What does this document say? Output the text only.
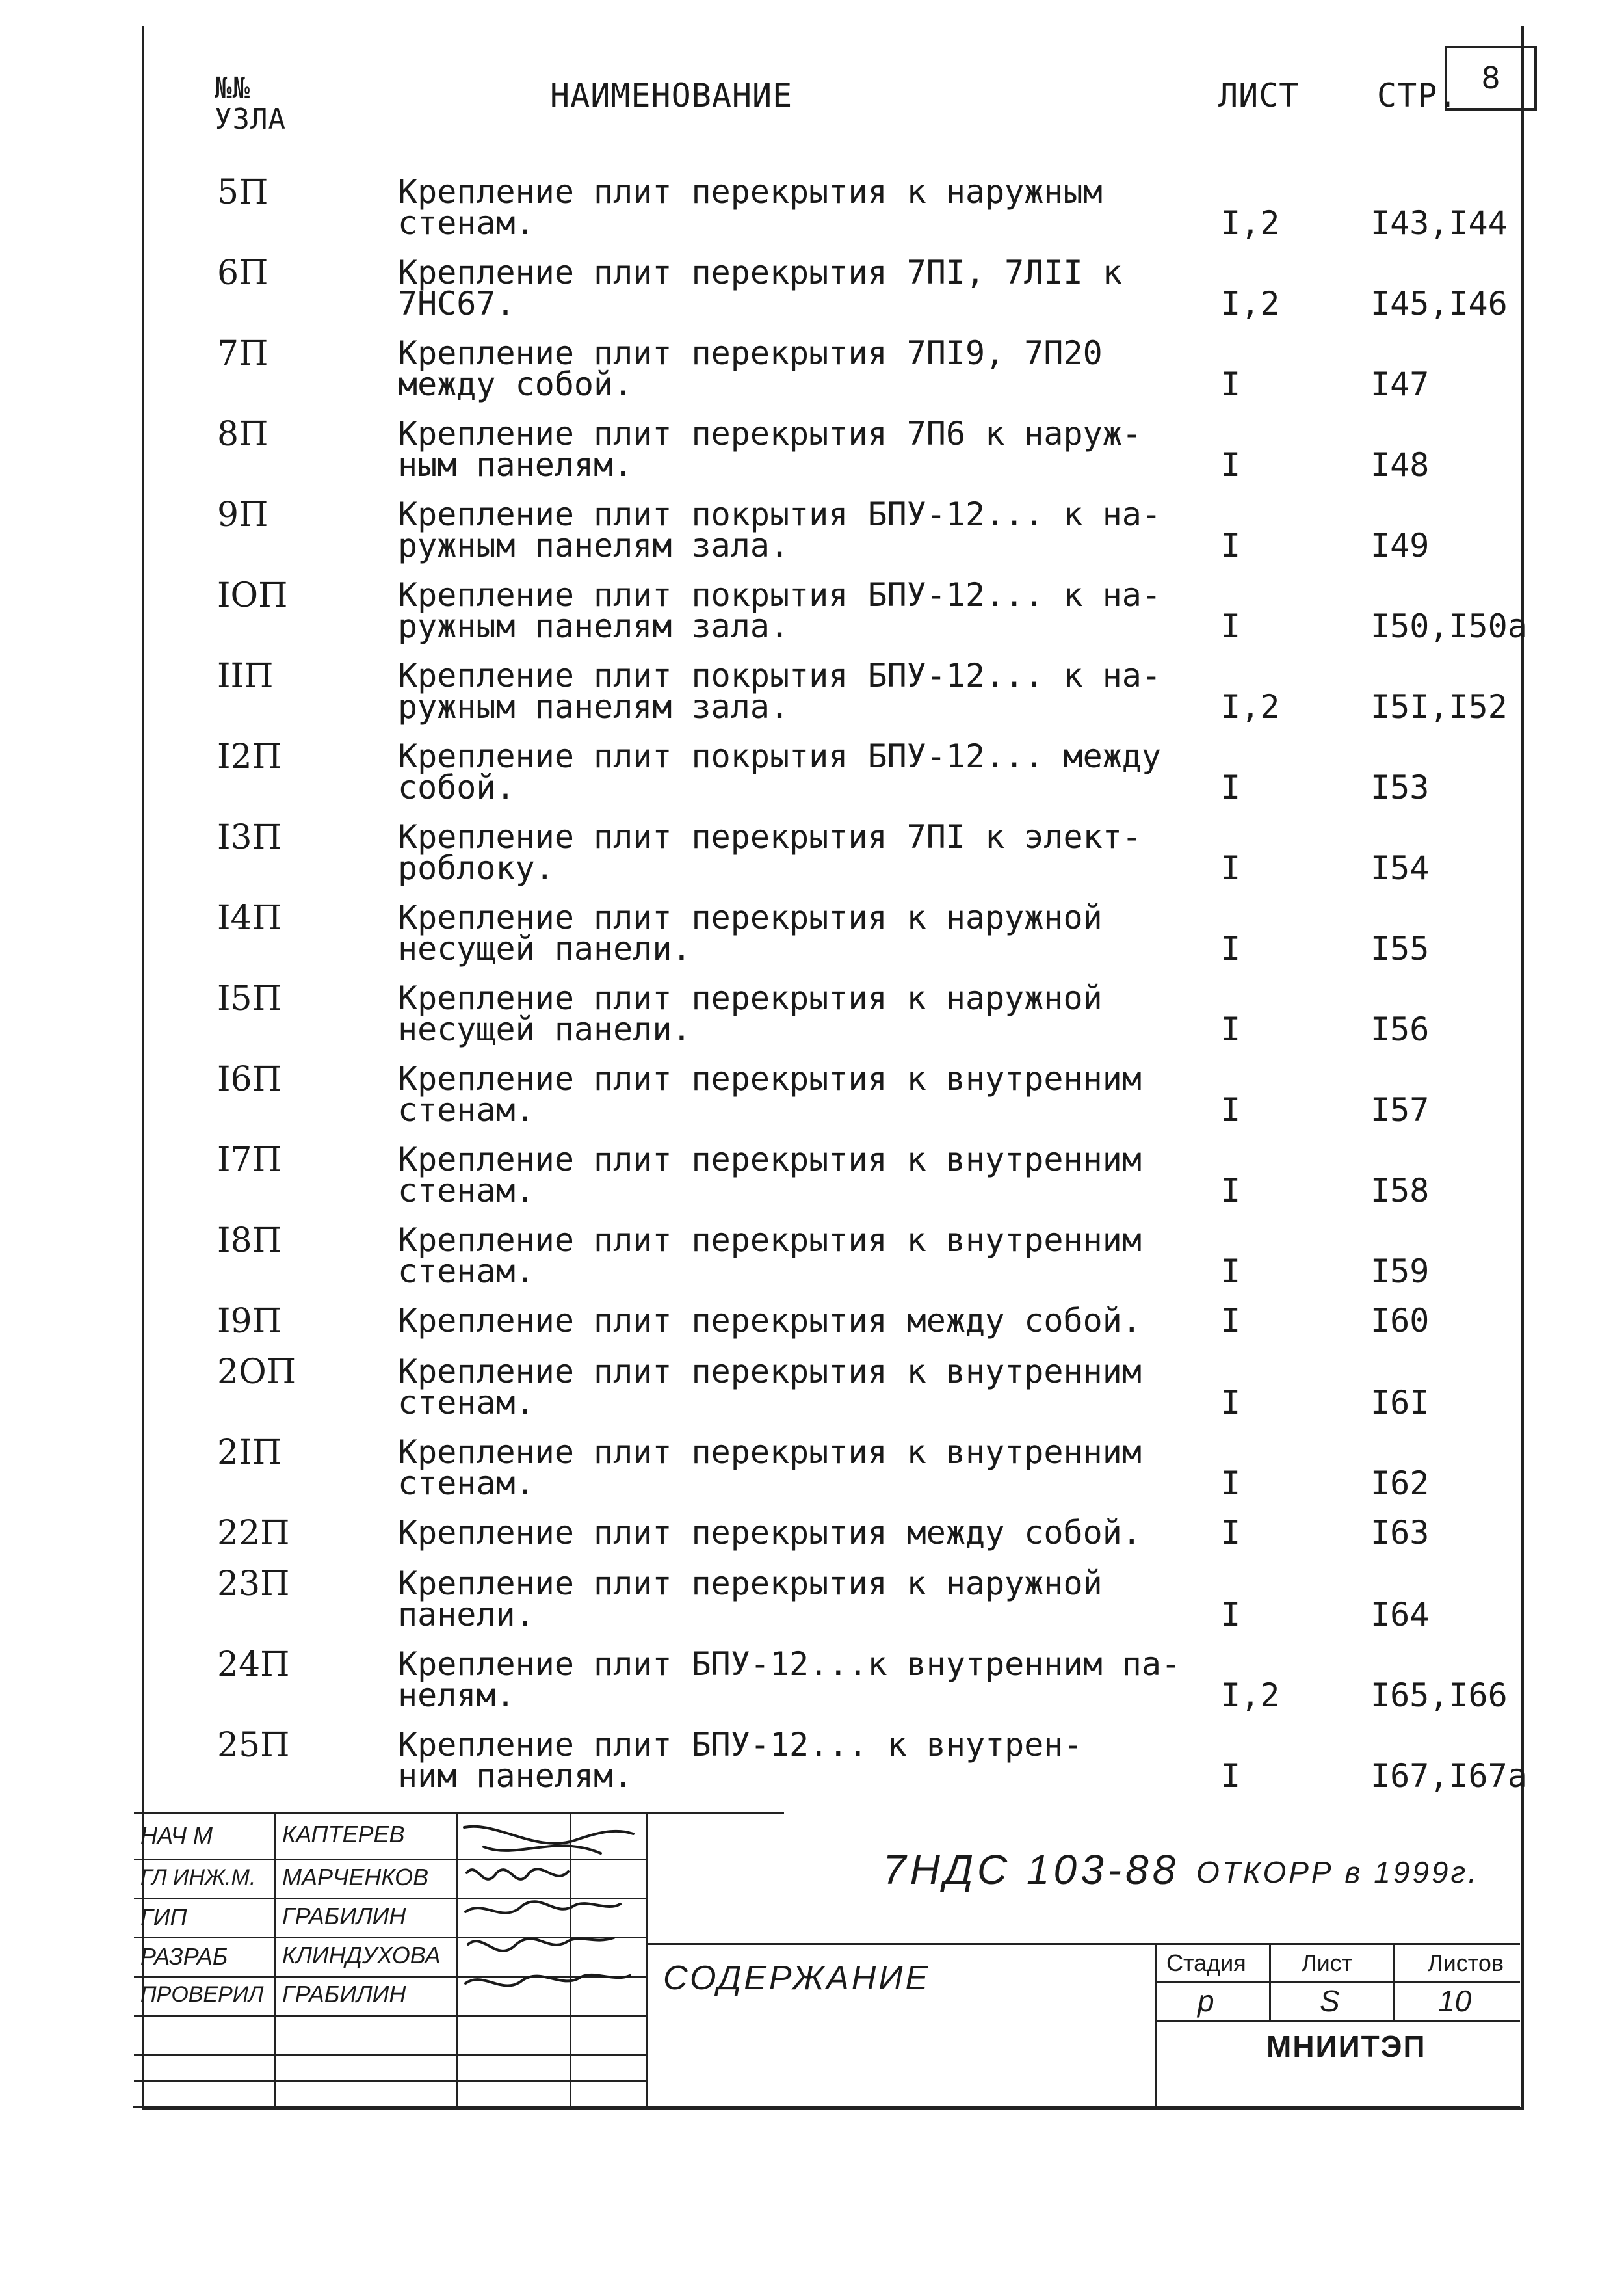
8
№№
УЗЛА
НАИМЕНОВАНИЕ	ЛИСТ СТР.
5П	Крепление плит перекрытия к наружным
стенам.	I,2	I43,I44
6П	Крепление плит перекрытия 7ПI, 7ЛII к
7НС67.	I,2	I45,I46
7П	Крепление плит перекрытия 7ПI9, 7П20
между собой.	I	I47
8П	Крепление плит перекрытия 7П6 к наруж-
ным панелям.	I	I48
9П	Крепление плит покрытия БПУ-12... к на-
ружным панелям зала.	I	I49
IOП	Крепление плит покрытия БПУ-12... к на-
ружным панелям зала.	I	I50,I50a
IIП	Крепление плит покрытия БПУ-12... к на-
ружным панелям зала.	I,2	I5I,I52
I2П	Крепление плит покрытия БПУ-12... между
собой.	I	I53
I3П	Крепление плит перекрытия 7ПI к элект-
роблоку.	I	I54
I4П	Крепление плит перекрытия к наружной
несущей панели.	I	I55
I5П	Крепление плит перекрытия к наружной
несущей панели.	I	I56
I6П	Крепление плит перекрытия к внутренним
стенам.	I	I57
I7П	Крепление плит перекрытия к внутренним
стенам.	I	I58
I8П	Крепление плит перекрытия к внутренним
стенам.	I	I59
I9П	Крепление плит перекрытия между собой. I	I60
2OП	Крепление плит перекрытия к внутренним
стенам.	I	I6I
2IП	Крепление плит перекрытия к внутренним
стенам.	I	I62
22П	Крепление плит перекрытия между собой. I	I63
23П	Крепление плит перекрытия к наружной
панели.	I	I64
24П	Крепление плит БПУ-12...к внутренним па-
нелям.	I,2	I65,I66
25П	Крепление плит БПУ-12... к внутрен-
ним панелям.	I	I67,I67a
НАЧ М	КАПТЕРЕВ
ГЛ ИНЖ.М. МАРЧЕНКОВ
ГИП	ГРАБИЛИН
РАЗРАБ КЛИНДУХОВА
ПРОВЕРИЛ ГРАБИЛИН
7НДС 103-88 ОТКОРР в 1999г.
СОДЕРЖАНИЕ	Стадия Лист	Листов
р	S	10
МНИИТЭП
